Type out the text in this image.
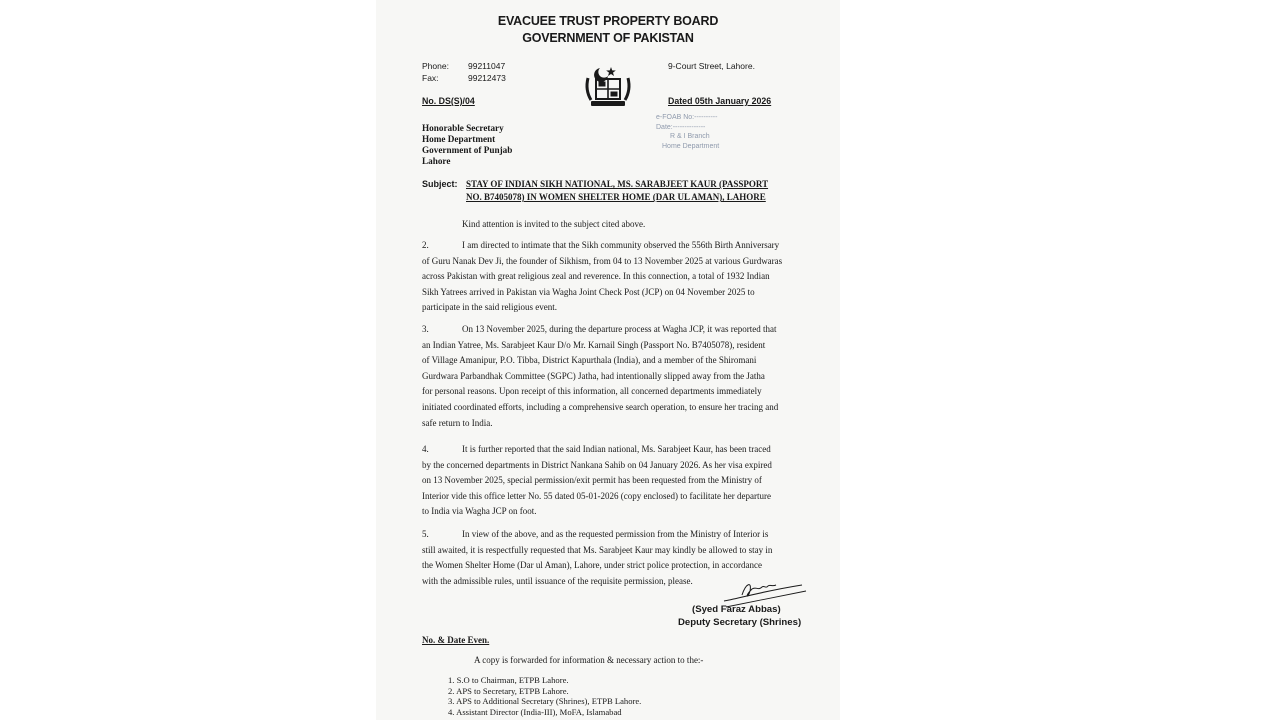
EVACUEE TRUST PROPERTY BOARD
GOVERNMENT OF PAKISTAN
Phone: 99211047
Fax:	99212473
9-Court Street, Lahore.
No. DS(S)/04	Dated 05th January 2026
e-FOAB No:----------
Date:--------------
R & I Branch
Home Department
Honorable Secretary
Home Department
Government of Punjab
Lahore
Subject: STAY OF INDIAN SIKH NATIONAL, MS. SARABJEET KAUR (PASSPORT
NO. B7405078) IN WOMEN SHELTER HOME (DAR UL AMAN), LAHORE
Kind attention is invited to the subject cited above.
2.	I am directed to intimate that the Sikh community observed the 556th Birth Anniversary
of Guru Nanak Dev Ji, the founder of Sikhism, from 04 to 13 November 2025 at various Gurdwaras
across Pakistan with great religious zeal and reverence. In this connection, a total of 1932 Indian
Sikh Yatrees arrived in Pakistan via Wagha Joint Check Post (JCP) on 04 November 2025 to
participate in the said religious event.
3.	On 13 November 2025, during the departure process at Wagha JCP, it was reported that
an Indian Yatree, Ms. Sarabjeet Kaur D/o Mr. Karnail Singh (Passport No. B7405078), resident
of Village Amanipur, P.O. Tibba, District Kapurthala (India), and a member of the Shiromani
Gurdwara Parbandhak Committee (SGPC) Jatha, had intentionally slipped away from the Jatha
for personal reasons. Upon receipt of this information, all concerned departments immediately
initiated coordinated efforts, including a comprehensive search operation, to ensure her tracing and
safe return to India.
4.	It is further reported that the said Indian national, Ms. Sarabjeet Kaur, has been traced
by the concerned departments in District Nankana Sahib on 04 January 2026. As her visa expired
on 13 November 2025, special permission/exit permit has been requested from the Ministry of
Interior vide this office letter No. 55 dated 05-01-2026 (copy enclosed) to facilitate her departure
to India via Wagha JCP on foot.
5.	In view of the above, and as the requested permission from the Ministry of Interior is
still awaited, it is respectfully requested that Ms. Sarabjeet Kaur may kindly be allowed to stay in
the Women Shelter Home (Dar ul Aman), Lahore, under strict police protection, in accordance
with the admissible rules, until issuance of the requisite permission, please.
(Syed Faraz Abbas)
Deputy Secretary (Shrines)
No. & Date Even.
A copy is forwarded for information & necessary action to the:-
1. S.O to Chairman, ETPB Lahore.
2. APS to Secretary, ETPB Lahore.
3. APS to Additional Secretary (Shrines), ETPB Lahore.
4. Assistant Director (India-III), MoFA, Islamabad
